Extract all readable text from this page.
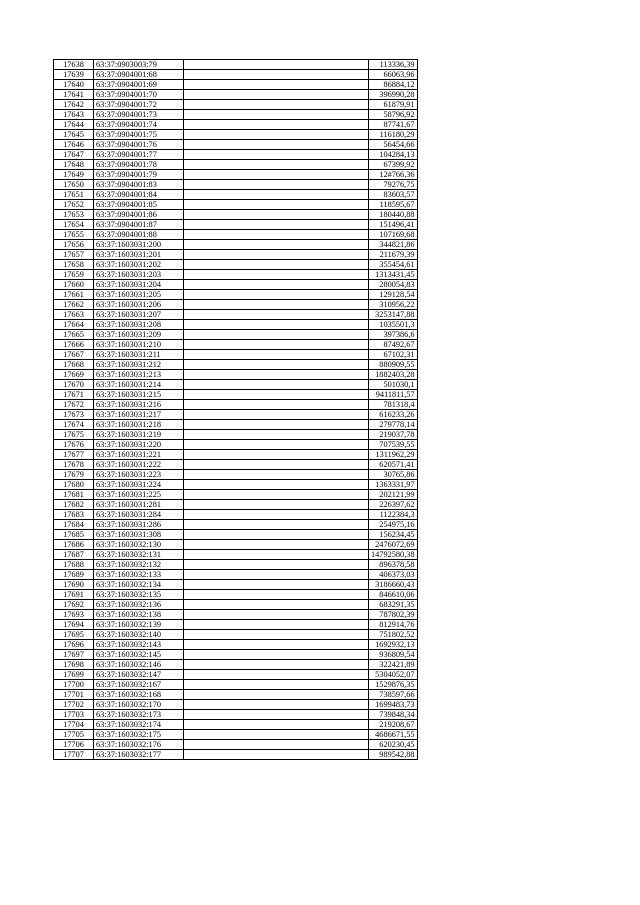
17638	63:37:0903003:79		113336,39
17639	63:37:0904001:68		66063,96
17640	63:37:0904001:69		86884,12
17641	63:37:0904001:70		396990,28
17642	63:37:0904001:72		61879,91
17643	63:37:0904001:73		58796,92
17644	63:37:0904001:74		87741,67
17645	63:37:0904001:75		116180,29
17646	63:37:0904001:76		56454,66
17647	63:37:0904001:77		104284,13
17648	63:37:0904001:78		67399,92
17649	63:37:0904001:79		12#766,36
17650	63:37:0904001:83		79276,75
17651	63:37:0904001:84		83603,57
17652	63:37:0904001:85		118595,67
17653	63:37:0904001:86		180440,88
17654	63:37:0904001:87		151496,41
17655	63:37:0904001:88		107169,68
17656	63:37:1603031:200		344821,86
17657	63:37:1603031:201		211679,39
17658	63:37:1603031:202		355454,61
17659	63:37:1603031:203		1313431,45
17660	63:37:1603031:204		280054,83
17661	63:37:1603031:205		129128,54
17662	63:37:1603031:206		310956,22
17663	63:37:1603031:207		3253147,88
17664	63:37:1603031:208		1035501,3
17665	63:37:1603031:209		397386,6
17666	63:37:1603031:210		87492,67
17667	63:37:1603031:211		67102,31
17668	63:37:1603031:212		880909,55
17669	63:37:1603031:213		1882403,28
17670	63:37:1603031:214		501030,1
17671	63:37:1603031:215		9411811,57
17672	63:37:1603031:216		781318,4
17673	63:37:1603031:217		616233,26
17674	63:37:1603031:218		279778,14
17675	63:37:1603031:219		219037,78
17676	63:37:1603031:220		707539,55
17677	63:37:1603031:221		1311962,29
17678	63:37:1603031:222		620571,41
17679	63:37:1603031:223		30765,86
17680	63:37:1603031:224		1363331,97
17681	63:37:1603031:225		202121,99
17682	63:37:1603031:281		226397,62
17683	63:37:1603031:284		1122384,3
17684	63:37:1603031:286		254975,16
17685	63:37:1603031:308		156234,45
17686	63:37:1603032:130		2476072,69
17687	63:37:1603032:131		14792580,38
17688	63:37:1603032:132		896378,58
17689	63:37:1603032:133		406373,03
17690	63:37:1603032:134		3186660,43
17691	63:37:1603032:135		846610,06
17692	63:37:1603032:136		683291,35
17693	63:37:1603032:138		787802,39
17694	63:37:1603032:139		812914,76
17695	63:37:1603032:140		751802,52
17696	63:37:1603032:143		1692932,13
17697	63:37:1603032:145		936809,54
17698	63:37:1603032:146		322421,89
17699	63:37:1603032:147		5304052,07
17700	63:37:1603032:167		1529876,35
17701	63:37:1603032:168		738597,66
17702	63:37:1603032:170		1699483,73
17703	63:37:1603032:173		739848,34
17704	63:37:1603032:174		219208,67
17705	63:37:1603032:175		4686671,55
17706	63:37:1603032:176		620230,45
17707	63:37:1603032:177		989542,88
